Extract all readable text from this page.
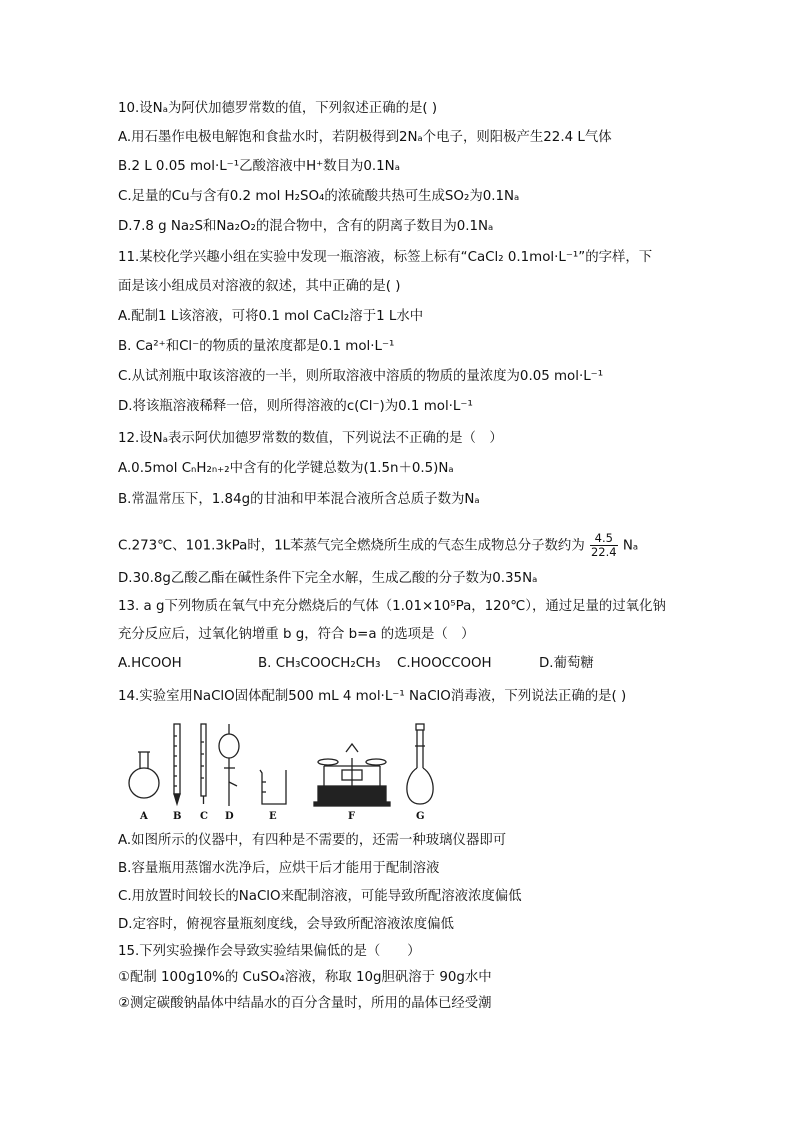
10.设Nₐ为阿伏加德罗常数的值，下列叙述正确的是( )
A.用石墨作电极电解饱和食盐水时，若阴极得到2Nₐ个电子，则阳极产生22.4 L气体
B.2 L 0.05 mol·L⁻¹乙酸溶液中H⁺数目为0.1Nₐ
C.足量的Cu与含有0.2 mol H₂SO₄的浓硫酸共热可生成SO₂为0.1Nₐ
D.7.8 g Na₂S和Na₂O₂的混合物中，含有的阴离子数目为0.1Nₐ
11.某校化学兴趣小组在实验中发现一瓶溶液，标签上标有“CaCl₂ 0.1mol·L⁻¹”的字样，下
面是该小组成员对溶液的叙述，其中正确的是( )
A.配制1 L该溶液，可将0.1 mol CaCl₂溶于1 L水中
B. Ca²⁺和Cl⁻的物质的量浓度都是0.1 mol·L⁻¹
C.从试剂瓶中取该溶液的一半，则所取溶液中溶质的物质的量浓度为0.05 mol·L⁻¹
D.将该瓶溶液稀释一倍，则所得溶液的c(Cl⁻)为0.1 mol·L⁻¹
12.设Nₐ表示阿伏加德罗常数的数值，下列说法不正确的是（　）
A.0.5mol CₙH₂ₙ₊₂中含有的化学键总数为(1.5n＋0.5)Nₐ
B.常温常压下，1.84g的甘油和甲苯混合液所含总质子数为Nₐ
C.273℃、101.3kPa时，1L苯蒸气完全燃烧所生成的气态生成物总分子数约为 $\frac{4.5}{22.4}$ Nₐ
D.30.8g乙酸乙酯在碱性条件下完全水解，生成乙酸的分子数为0.35Nₐ
13. a g下列物质在氧气中充分燃烧后的气体（1.01×10⁵Pa，120℃），通过足量的过氧化钠
充分反应后，过氧化钠增重 b g，符合 b=a 的选项是（　）
A.HCOOH	B. CH₃COOCH₂CH₃ C.HOOCCOOH	D.葡萄糖
14.实验室用NaClO固体配制500 mL 4 mol·L⁻¹ NaClO消毒液，下列说法正确的是( )
A	B C D	E	F	G
A.如图所示的仪器中，有四种是不需要的，还需一种玻璃仪器即可
B.容量瓶用蒸馏水洗净后，应烘干后才能用于配制溶液
C.用放置时间较长的NaClO来配制溶液，可能导致所配溶液浓度偏低
D.定容时，俯视容量瓶刻度线，会导致所配溶液浓度偏低
15.下列实验操作会导致实验结果偏低的是（　　）
①配制 100g10%的 CuSO₄溶液，称取 10g胆矾溶于 90g水中
②测定碳酸钠晶体中结晶水的百分含量时，所用的晶体已经受潮
